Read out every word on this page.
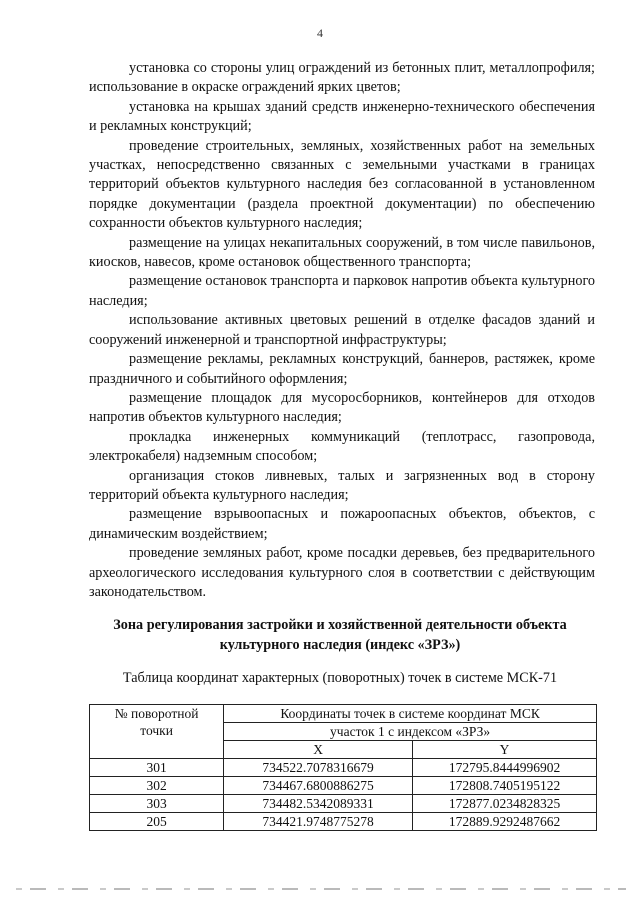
4

установка со стороны улиц ограждений из бетонных плит, металлопрофиля; использование в окраске ограждений ярких цветов;

установка на крышах зданий средств инженерно-технического обеспечения и рекламных конструкций;

проведение строительных, земляных, хозяйственных работ на земельных участках, непосредственно связанных с земельными участками в границах территорий объектов культурного наследия без согласованной в установленном порядке документации (раздела проектной документации) по обеспечению сохранности объектов культурного наследия;

размещение на улицах некапитальных сооружений, в том числе павильонов, киосков, навесов, кроме остановок общественного транспорта;

размещение остановок транспорта и парковок напротив объекта культурного наследия;

использование активных цветовых решений в отделке фасадов зданий и сооружений инженерной и транспортной инфраструктуры;

размещение рекламы, рекламных конструкций, баннеров, растяжек, кроме праздничного и событийного оформления;

размещение площадок для мусоросборников, контейнеров для отходов напротив объектов культурного наследия;

прокладка инженерных коммуникаций (теплотрасс, газопровода, электрокабеля) надземным способом;

организация стоков ливневых, талых и загрязненных вод в сторону территорий объекта культурного наследия;

размещение взрывоопасных и пожароопасных объектов, объектов, с динамическим воздействием;

проведение земляных работ, кроме посадки деревьев, без предварительного археологического исследования культурного слоя в соответствии с действующим законодательством.

Зона регулирования застройки и хозяйственной деятельности объекта
культурного наследия (индекс «ЗРЗ»)
Таблица координат характерных (поворотных) точек в системе МСК-71
№ поворотной
точки	Координаты точек в системе координат МСК	
	участок 1 с индексом «ЗРЗ»	
	X	Y
301	734522.7078316679	172795.8444996902
302	734467.6800886275	172808.7405195122
303	734482.5342089331	172877.0234828325
205	734421.9748775278	172889.9292487662
